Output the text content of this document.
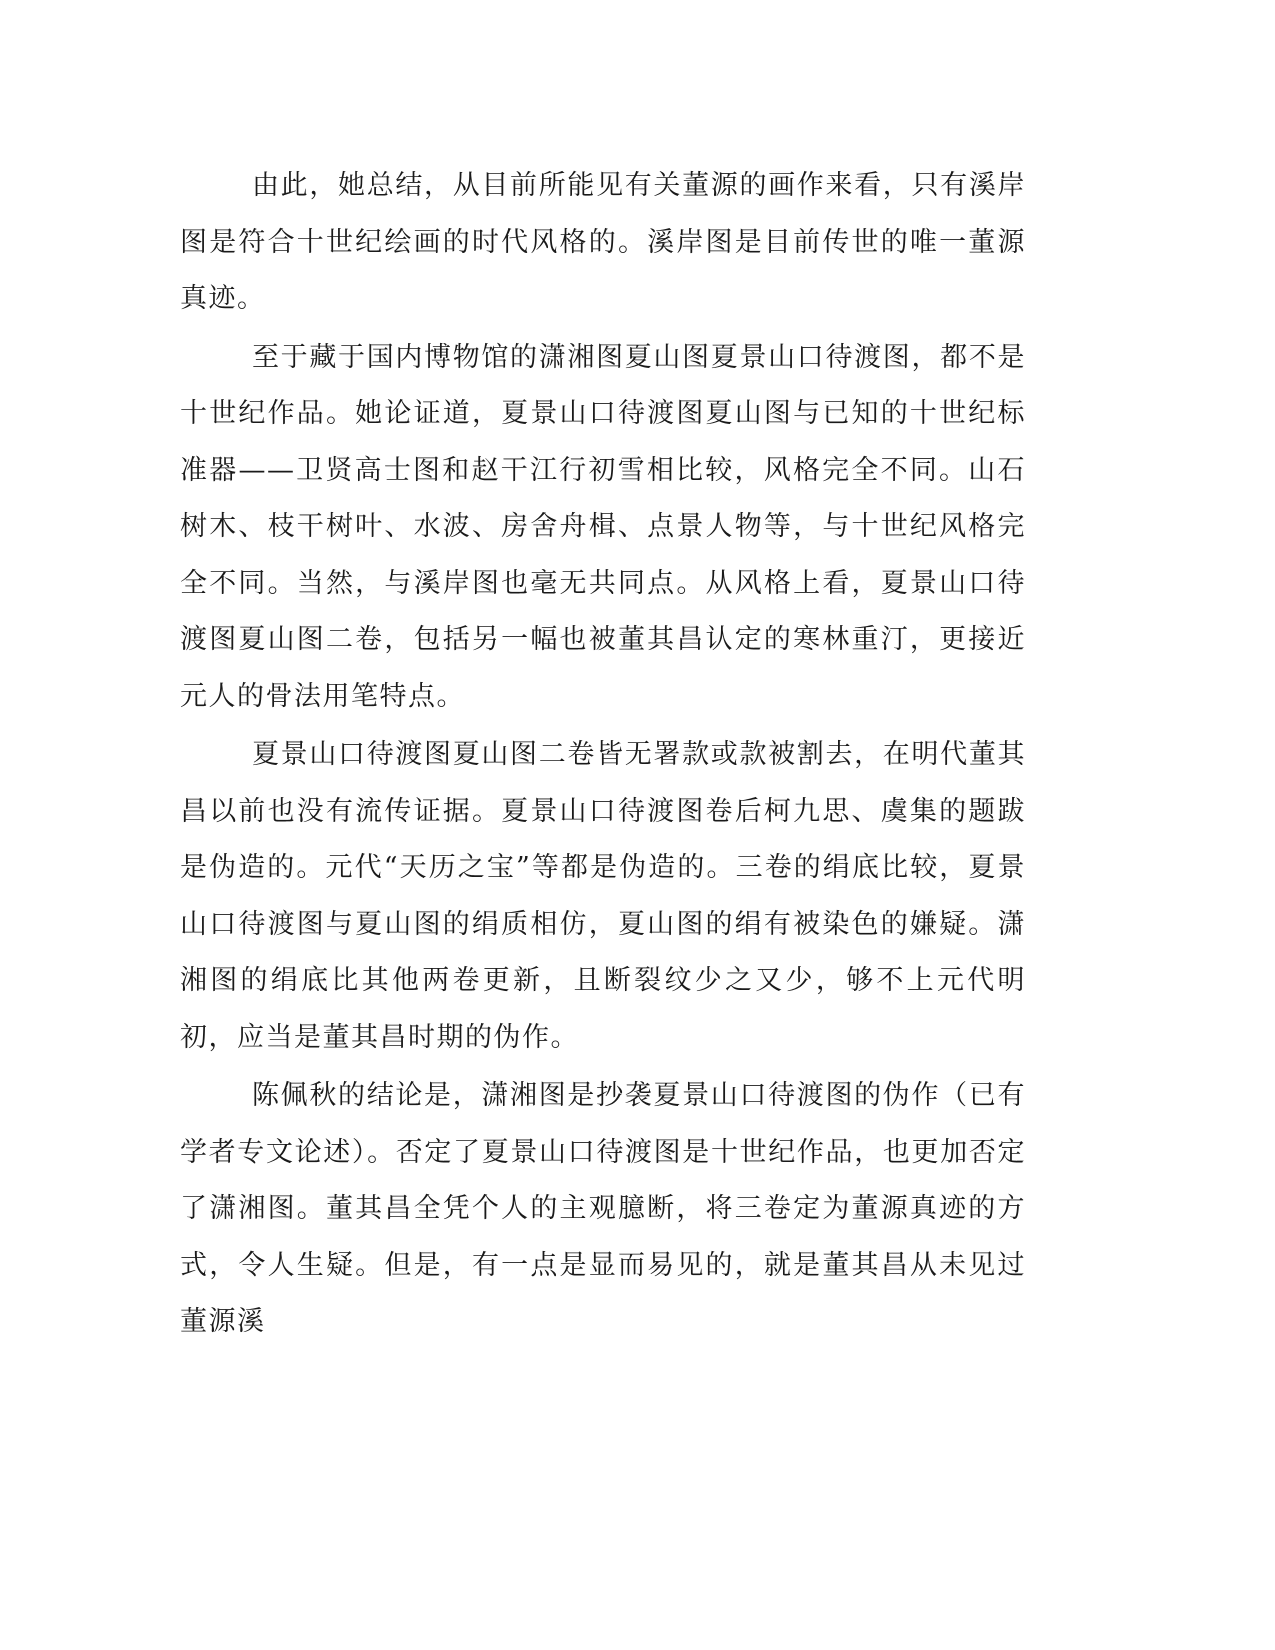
由此，她总结，从目前所能见有关董源的画作来看，只有溪岸图是符合十世纪绘画的时代风格的。溪岸图是目前传世的唯一董源真迹。

至于藏于国内博物馆的潇湘图夏山图夏景山口待渡图，都不是十世纪作品。她论证道，夏景山口待渡图夏山图与已知的十世纪标准器——卫贤高士图和赵干江行初雪相比较，风格完全不同。山石树木、枝干树叶、水波、房舍舟楫、点景人物等，与十世纪风格完全不同。当然，与溪岸图也毫无共同点。从风格上看，夏景山口待渡图夏山图二卷，包括另一幅也被董其昌认定的寒林重汀，更接近元人的骨法用笔特点。

夏景山口待渡图夏山图二卷皆无署款或款被割去，在明代董其昌以前也没有流传证据。夏景山口待渡图卷后柯九思、虞集的题跋是伪造的。元代“天历之宝”等都是伪造的。三卷的绢底比较，夏景山口待渡图与夏山图的绢质相仿，夏山图的绢有被染色的嫌疑。潇湘图的绢底比其他两卷更新，且断裂纹少之又少，够不上元代明初，应当是董其昌时期的伪作。

陈佩秋的结论是，潇湘图是抄袭夏景山口待渡图的伪作（已有学者专文论述）。否定了夏景山口待渡图是十世纪作品，也更加否定了潇湘图。董其昌全凭个人的主观臆断，将三卷定为董源真迹的方式，令人生疑。但是，有一点是显而易见的，就是董其昌从未见过董源溪
